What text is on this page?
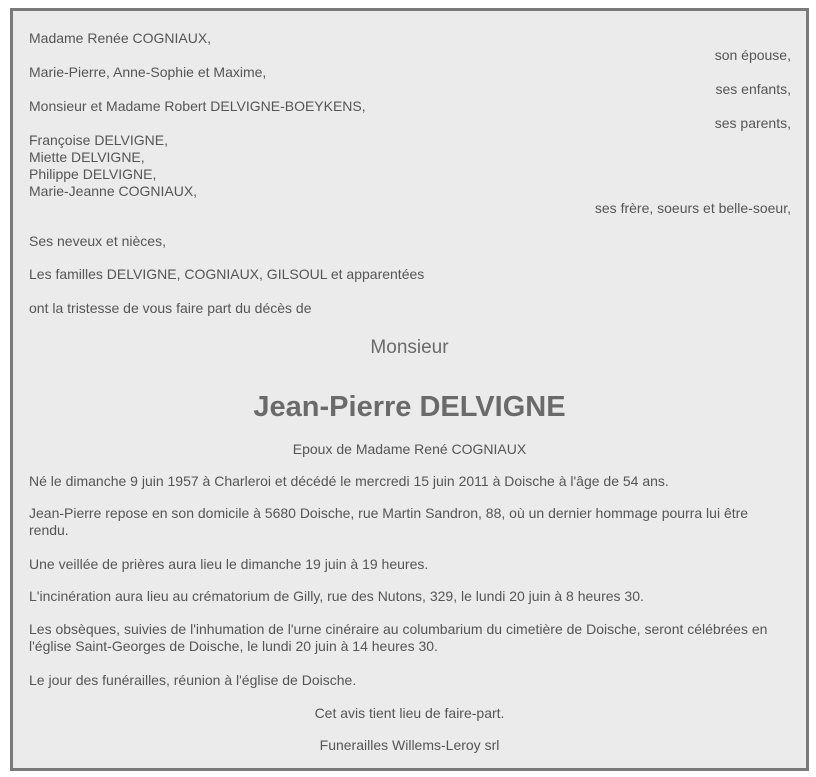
Madame Renée COGNIAUX,
son épouse,
Marie-Pierre, Anne-Sophie et Maxime,
ses enfants,
Monsieur et Madame Robert DELVIGNE-BOEYKENS,
ses parents,
Françoise DELVIGNE,
Miette DELVIGNE,
Philippe DELVIGNE,
Marie-Jeanne COGNIAUX,
ses frère, soeurs et belle-soeur,
Ses neveux et nièces,
Les familles DELVIGNE, COGNIAUX, GILSOUL et apparentées
ont la tristesse de vous faire part du décès de
Monsieur
Jean-Pierre DELVIGNE
Epoux de Madame René COGNIAUX
Né le dimanche 9 juin 1957 à Charleroi et décédé le mercredi 15 juin 2011 à Doische à l'âge de 54 ans.
Jean-Pierre repose en son domicile à 5680 Doische, rue Martin Sandron, 88, où un dernier hommage pourra lui être rendu.
Une veillée de prières aura lieu le dimanche 19 juin à 19 heures.
L'incinération aura lieu au crématorium de Gilly, rue des Nutons, 329, le lundi 20 juin à 8 heures 30.
Les obsèques, suivies de l'inhumation de l'urne cinéraire au columbarium du cimetière de Doische, seront célébrées en l'église Saint-Georges de Doische, le lundi 20 juin à 14 heures 30.
Le jour des funérailles, réunion à l'église de Doische.
Cet avis tient lieu de faire-part.
Funerailles Willems-Leroy srl
